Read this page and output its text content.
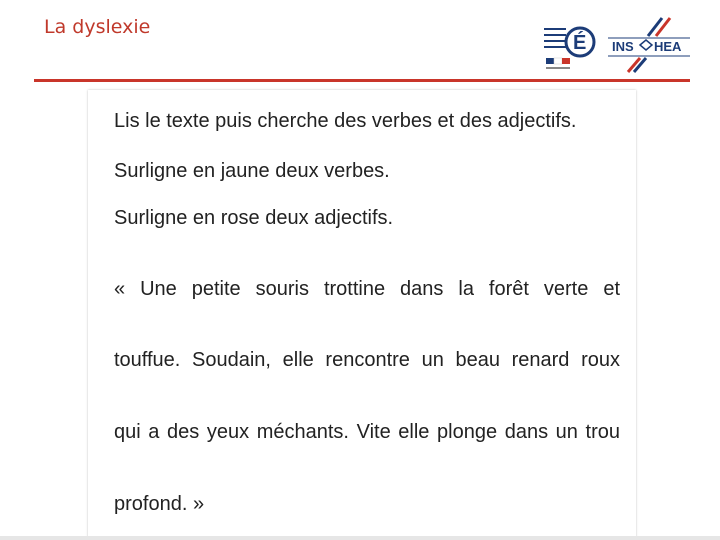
La dyslexie
É INS HEA
Lis le texte puis cherche des verbes et des adjectifs.
Surligne en jaune deux verbes.
Surligne en rose deux adjectifs.
« Une petite souris trottine dans la forêt verte et
touffue. Soudain, elle rencontre un beau renard roux
qui a des yeux méchants. Vite elle plonge dans un trou
profond. »
